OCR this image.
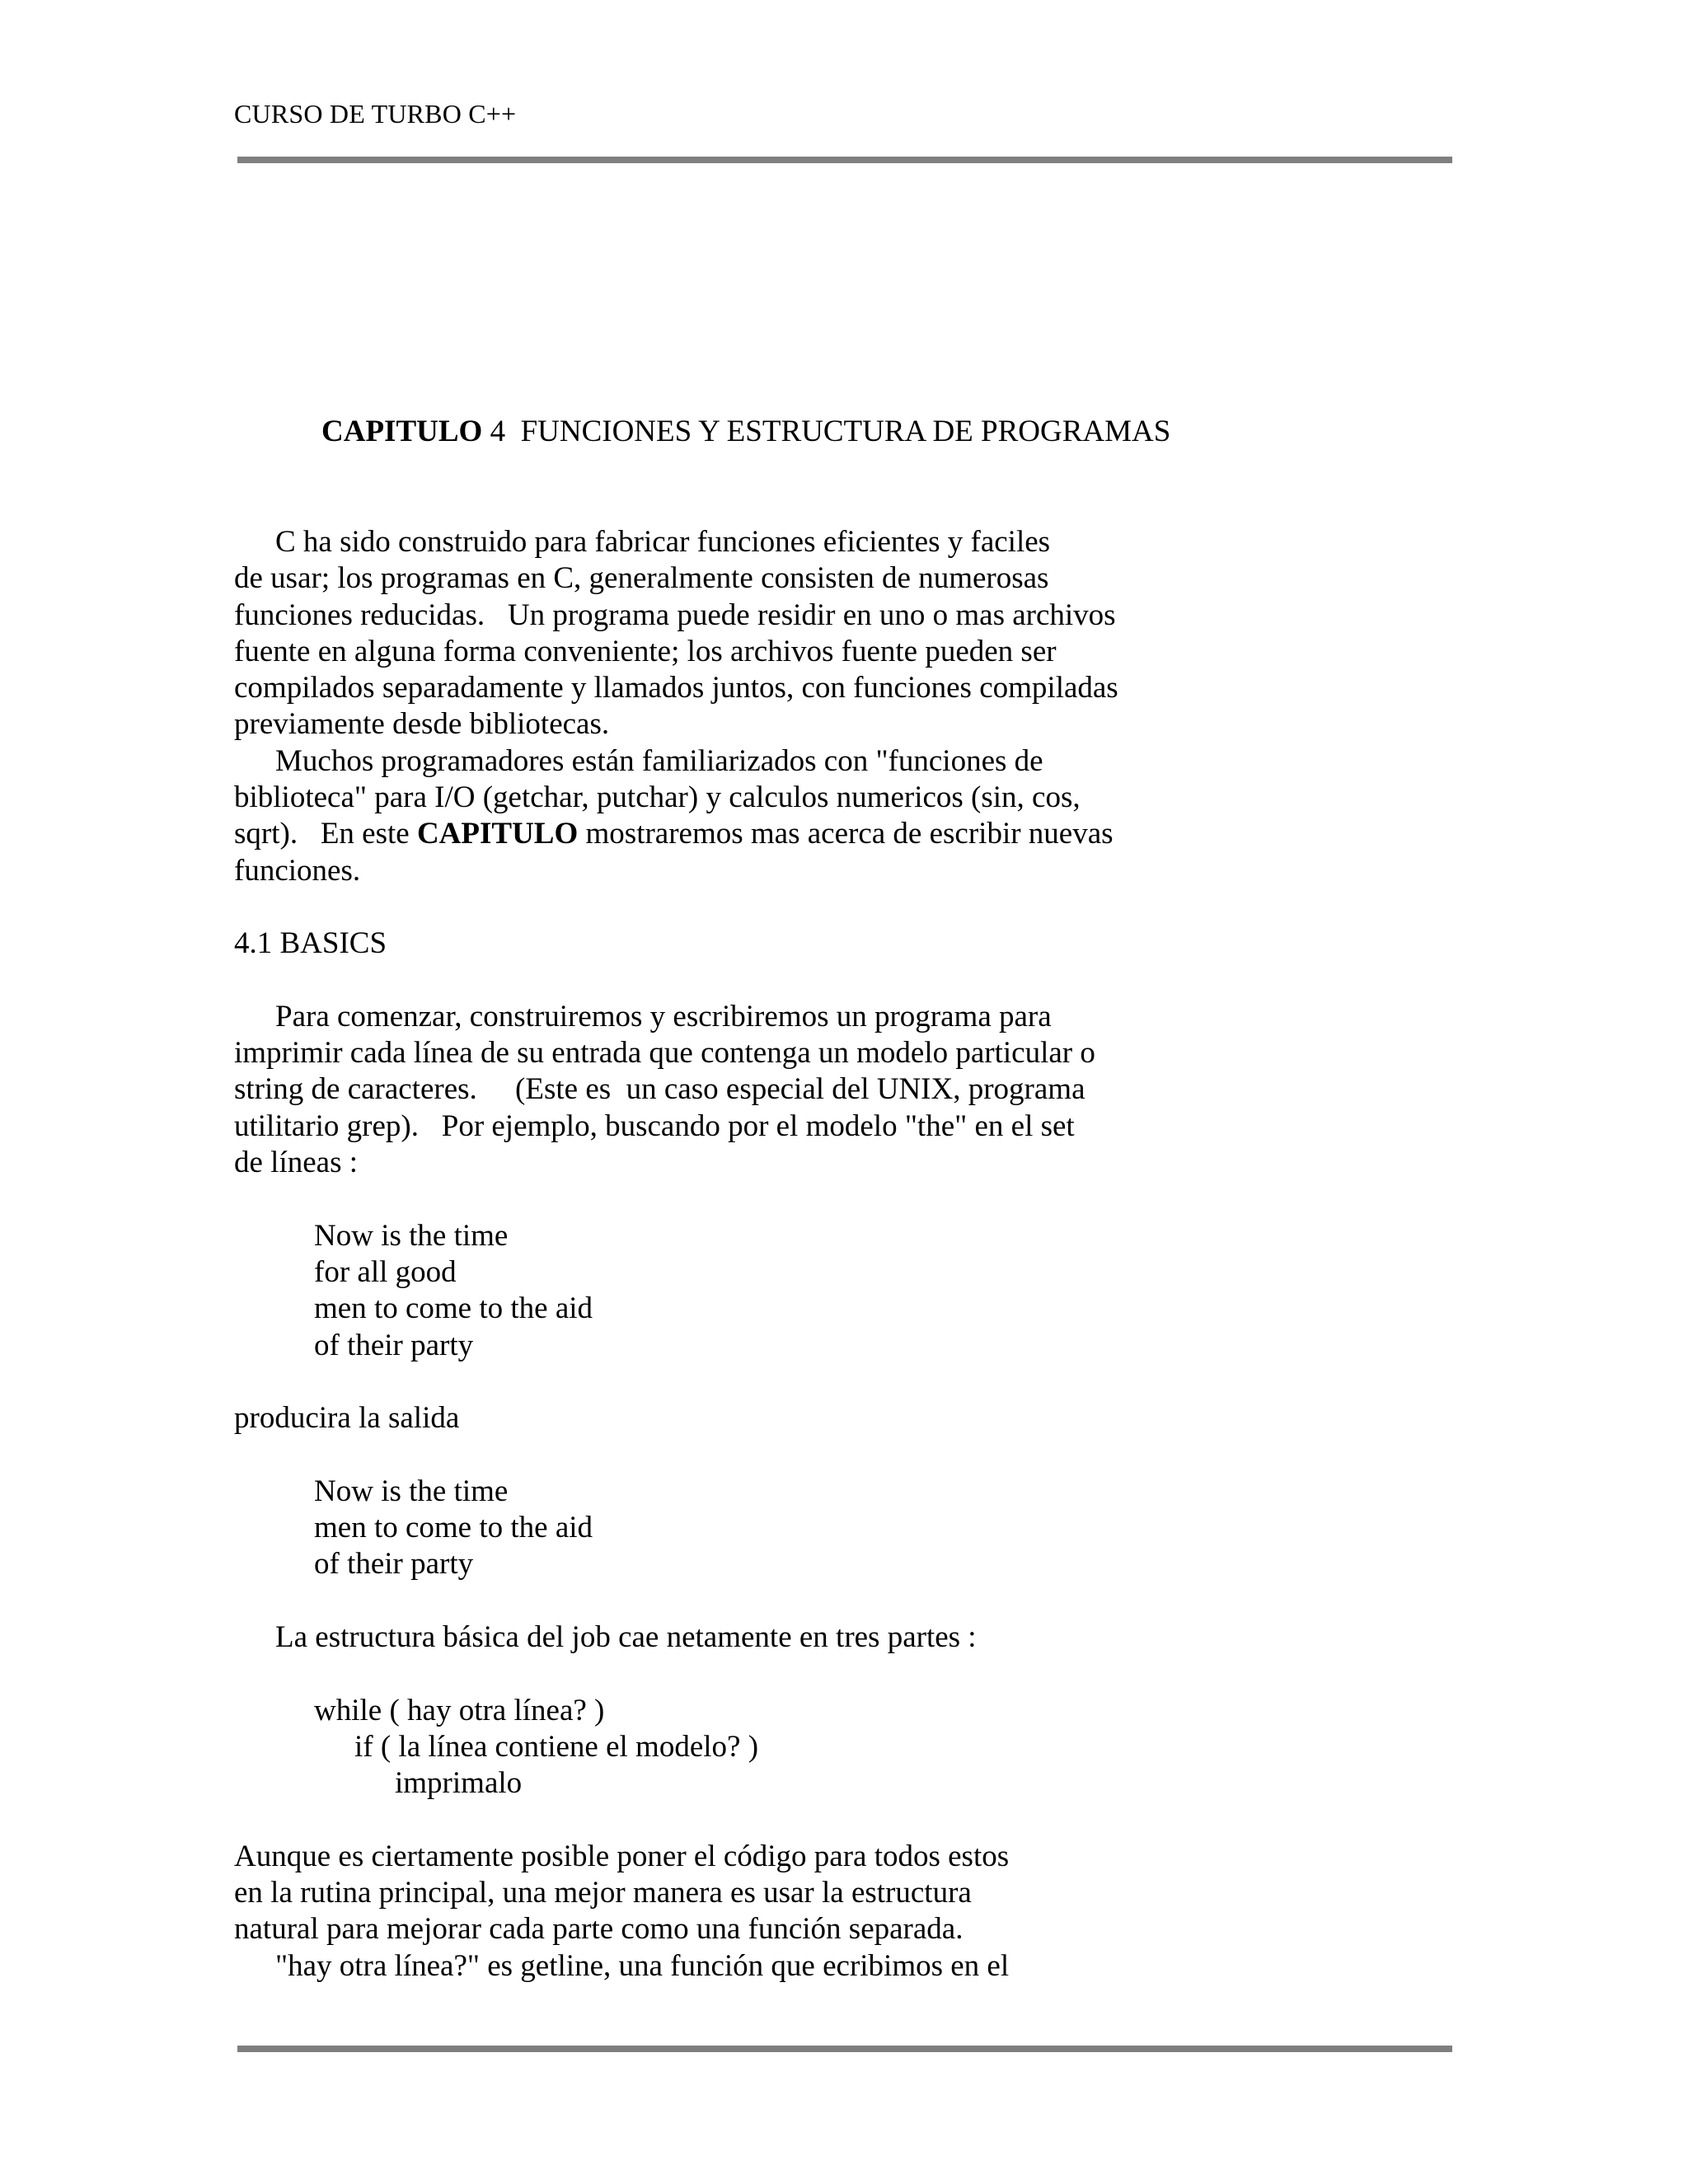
CURSO DE TURBO C++
CAPITULO 4  FUNCIONES Y ESTRUCTURA DE PROGRAMAS
C ha sido construido para fabricar funciones eficientes y faciles
de usar; los programas en C, generalmente consisten de numerosas
funciones reducidas.   Un programa puede residir en uno o mas archivos
fuente en alguna forma conveniente; los archivos fuente pueden ser
compilados separadamente y llamados juntos, con funciones compiladas
previamente desde bibliotecas.
Muchos programadores están familiarizados con "funciones de
biblioteca" para I/O (getchar, putchar) y calculos numericos (sin, cos,
sqrt).   En este CAPITULO mostraremos mas acerca de escribir nuevas
funciones.
4.1 BASICS
Para comenzar, construiremos y escribiremos un programa para
imprimir cada línea de su entrada que contenga un modelo particular o
string de caracteres.     (Este es  un caso especial del UNIX, programa
utilitario grep).   Por ejemplo, buscando por el modelo "the" en el set
de líneas :
Now is the time
for all good
men to come to the aid
of their party
producira la salida
Now is the time
men to come to the aid
of their party
La estructura básica del job cae netamente en tres partes :
while ( hay otra línea? )
if ( la línea contiene el modelo? )
imprimalo
Aunque es ciertamente posible poner el código para todos estos
en la rutina principal, una mejor manera es usar la estructura
natural para mejorar cada parte como una función separada.
"hay otra línea?" es getline, una función que ecribimos en el
